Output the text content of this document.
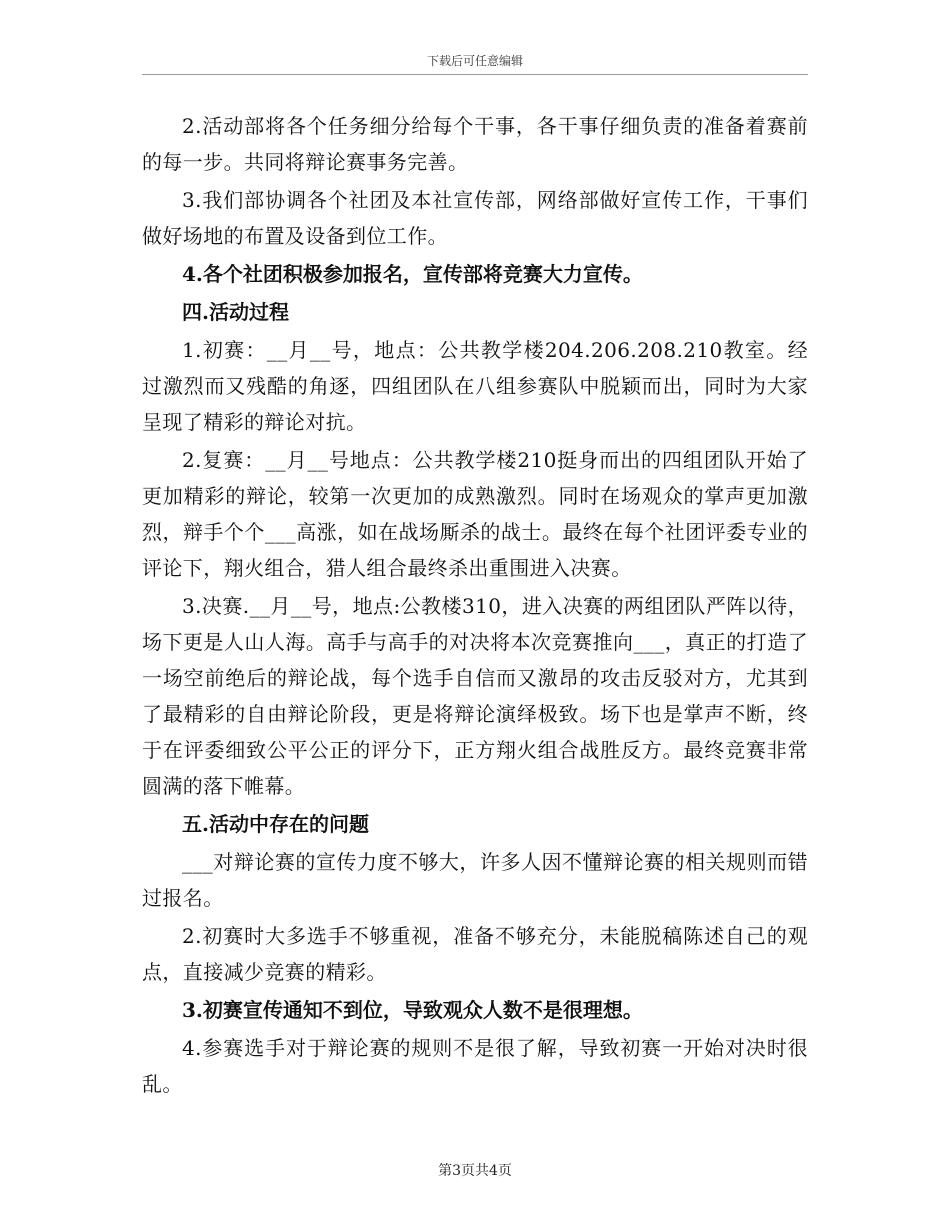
下载后可任意编辑

2.活动部将各个任务细分给每个干事，各干事仔细负责的准备着赛前的每一步。共同将辩论赛事务完善。

3.我们部协调各个社团及本社宣传部，网络部做好宣传工作，干事们做好场地的布置及设备到位工作。

4.各个社团积极参加报名，宣传部将竞赛大力宣传。

四.活动过程

1.初赛：__月__号，地点：公共教学楼204.206.208.210教室。经过激烈而又残酷的角逐，四组团队在八组参赛队中脱颖而出，同时为大家呈现了精彩的辩论对抗。

2.复赛：__月__号地点：公共教学楼210挺身而出的四组团队开始了更加精彩的辩论，较第一次更加的成熟激烈。同时在场观众的掌声更加激烈，辩手个个___高涨，如在战场厮杀的战士。最终在每个社团评委专业的评论下，翔火组合，猎人组合最终杀出重围进入决赛。

3.决赛.__月__号，地点:公教楼310，进入决赛的两组团队严阵以待，场下更是人山人海。高手与高手的对决将本次竞赛推向___，真正的打造了一场空前绝后的辩论战，每个选手自信而又激昂的攻击反驳对方，尤其到了最精彩的自由辩论阶段，更是将辩论演绎极致。场下也是掌声不断，终于在评委细致公平公正的评分下，正方翔火组合战胜反方。最终竞赛非常圆满的落下帷幕。

五.活动中存在的问题

___对辩论赛的宣传力度不够大，许多人因不懂辩论赛的相关规则而错过报名。

2.初赛时大多选手不够重视，准备不够充分，未能脱稿陈述自己的观点，直接减少竞赛的精彩。

3.初赛宣传通知不到位，导致观众人数不是很理想。

4.参赛选手对于辩论赛的规则不是很了解，导致初赛一开始对决时很乱。

第3页共4页
